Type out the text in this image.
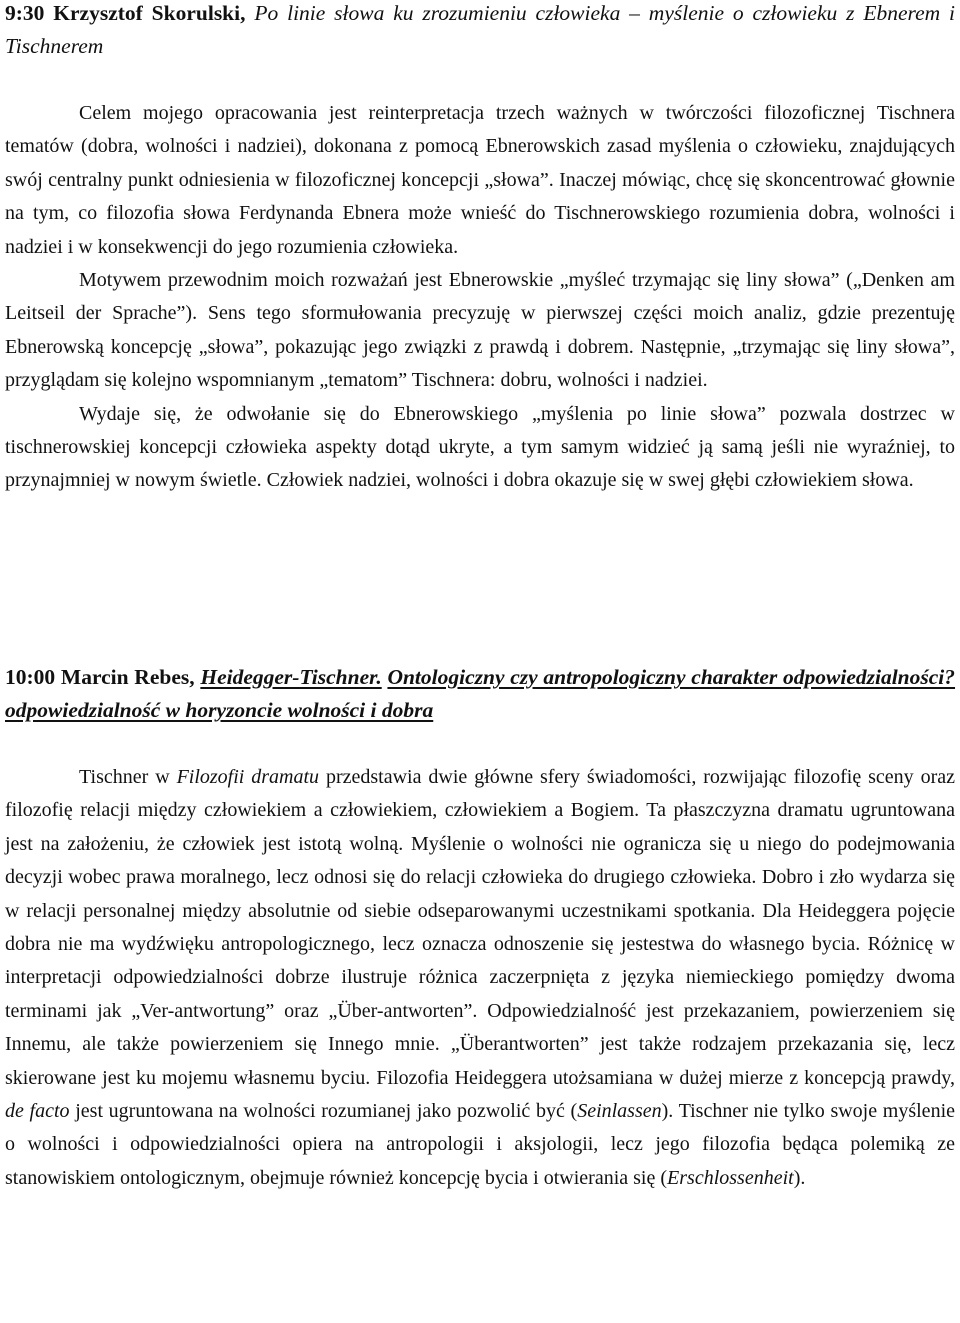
9:30 Krzysztof Skorulski, Po linie słowa ku zrozumieniu człowieka – myślenie o człowieku z Ebnerem i Tischnerem

Celem mojego opracowania jest reinterpretacja trzech ważnych w twórczości filozoficznej Tischnera tematów (dobra, wolności i nadziei), dokonana z pomocą Ebnerowskich zasad myślenia o człowieku, znajdujących swój centralny punkt odniesienia w filozoficznej koncepcji „słowa”. Inaczej mówiąc, chcę się skoncentrować głownie na tym, co filozofia słowa Ferdynanda Ebnera może wnieść do Tischnerowskiego rozumienia dobra, wolności i nadziei i w konsekwencji do jego rozumienia człowieka.

Motywem przewodnim moich rozważań jest Ebnerowskie „myśleć trzymając się liny słowa” („Denken am Leitseil der Sprache”). Sens tego sformułowania precyzuję w pierwszej części moich analiz, gdzie prezentuję Ebnerowską koncepcję „słowa”, pokazując jego związki z prawdą i dobrem. Następnie, „trzymając się liny słowa”, przyglądam się kolejno wspomnianym „tematom” Tischnera: dobru, wolności i nadziei.

Wydaje się, że odwołanie się do Ebnerowskiego „myślenia po linie słowa” pozwala dostrzec w tischnerowskiej koncepcji człowieka aspekty dotąd ukryte, a tym samym widzieć ją samą jeśli nie wyraźniej, to przynajmniej w nowym świetle. Człowiek nadziei, wolności i dobra okazuje się w swej głębi człowiekiem słowa.

10:00 Marcin Rebes, Heidegger-Tischner. Ontologiczny czy antropologiczny charakter odpowiedzialności? odpowiedzialność w horyzoncie wolności i dobra

Tischner w Filozofii dramatu przedstawia dwie główne sfery świadomości, rozwijając filozofię sceny oraz filozofię relacji między człowiekiem a człowiekiem, człowiekiem a Bogiem. Ta płaszczyzna dramatu ugruntowana jest na założeniu, że człowiek jest istotą wolną. Myślenie o wolności nie ogranicza się u niego do podejmowania decyzji wobec prawa moralnego, lecz odnosi się do relacji człowieka do drugiego człowieka. Dobro i zło wydarza się w relacji personalnej między absolutnie od siebie odseparowanymi uczestnikami spotkania. Dla Heideggera pojęcie dobra nie ma wydźwięku antropologicznego, lecz oznacza odnoszenie się jestestwa do własnego bycia. Różnicę w interpretacji odpowiedzialności dobrze ilustruje różnica zaczerpnięta z języka niemieckiego pomiędzy dwoma terminami jak „Ver-antwortung” oraz „Über-antworten”. Odpowiedzialność jest przekazaniem, powierzeniem się Innemu, ale także powierzeniem się Innego mnie. „Überantworten” jest także rodzajem przekazania się, lecz skierowane jest ku mojemu własnemu byciu. Filozofia Heideggera utożsamiana w dużej mierze z koncepcją prawdy, de facto jest ugruntowana na wolności rozumianej jako pozwolić być (Seinlassen). Tischner nie tylko swoje myślenie o wolności i odpowiedzialności opiera na antropologii i aksjologii, lecz jego filozofia będąca polemiką ze stanowiskiem ontologicznym, obejmuje również koncepcję bycia i otwierania się (Erschlossenheit).
